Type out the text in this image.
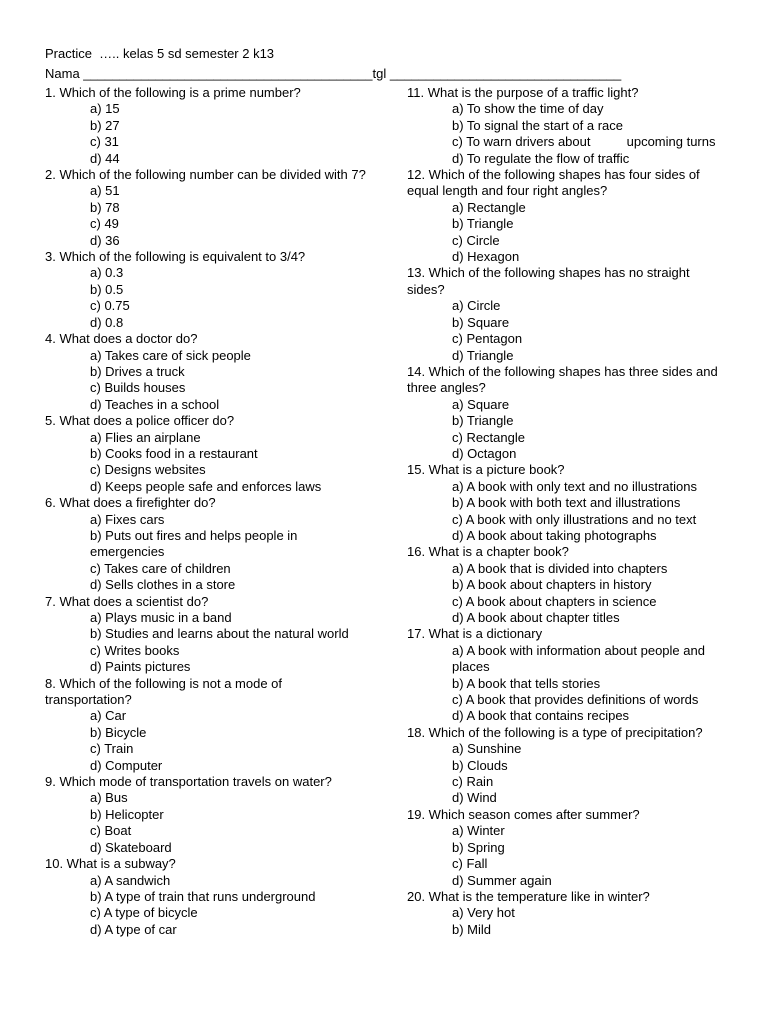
Practice  ….. kelas 5 sd semester 2 k13
Nama ________________________________________tgl ________________________________
1. Which of the following is a prime number?
a) 15
b) 27
c) 31
d) 44
2. Which of the following number can be divided with 7?
a) 51
b) 78
c) 49
d) 36
3. Which of the following is equivalent to 3/4?
a) 0.3
b) 0.5
c) 0.75
d) 0.8
4. What does a doctor do?
a) Takes care of sick people
b) Drives a truck
c) Builds houses
d) Teaches in a school
5. What does a police officer do?
a) Flies an airplane
b) Cooks food in a restaurant
c) Designs websites
d) Keeps people safe and enforces laws
6. What does a firefighter do?
a) Fixes cars
b) Puts out fires and helps people in emergencies
c) Takes care of children
d) Sells clothes in a store
7. What does a scientist do?
a) Plays music in a band
b) Studies and learns about the natural world
c) Writes books
d) Paints pictures
8. Which of the following is not a mode of transportation?
a) Car
b) Bicycle
c) Train
d) Computer
9. Which mode of transportation travels on water?
a) Bus
b) Helicopter
c) Boat
d) Skateboard
10. What is a subway?
a) A sandwich
b) A type of train that runs underground
c) A type of bicycle
d) A type of car
11. What is the purpose of a traffic light?
a) To show the time of day
b) To signal the start of a race
c) To warn drivers about          upcoming turns
d) To regulate the flow of traffic
12. Which of the following shapes has four sides of equal length and four right angles?
a) Rectangle
b) Triangle
c) Circle
d) Hexagon
13. Which of the following shapes has no straight sides?
a) Circle
b) Square
c) Pentagon
d) Triangle
14. Which of the following shapes has three sides and three angles?
a) Square
b) Triangle
c) Rectangle
d) Octagon
15. What is a picture book?
a) A book with only text and no illustrations
b) A book with both text and illustrations
c) A book with only illustrations and no text
d) A book about taking photographs
16. What is a chapter book?
a) A book that is divided into chapters
b) A book about chapters in history
c) A book about chapters in science
d) A book about chapter titles
17. What is a dictionary
a) A book with information about people and places
b) A book that tells stories
c) A book that provides definitions of words
d) A book that contains recipes
18. Which of the following is a type of precipitation?
a) Sunshine
b) Clouds
c) Rain
d) Wind
19. Which season comes after summer?
a) Winter
b) Spring
c) Fall
d) Summer again
20. What is the temperature like in winter?
a) Very hot
b) Mild
